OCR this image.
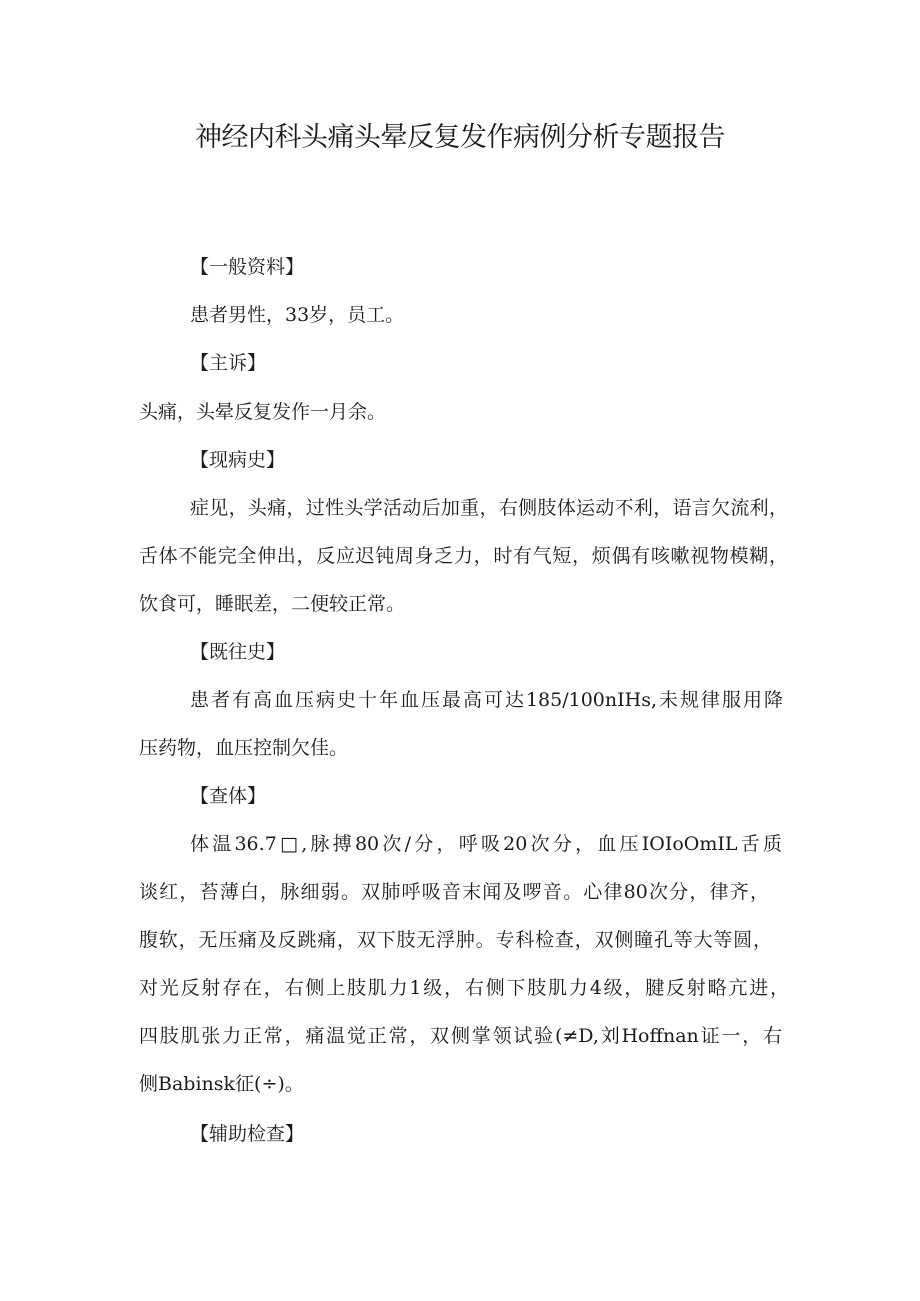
神经内科头痛头晕反复发作病例分析专题报告

【一般资料】

患者男性，33岁，员工。

【主诉】

头痛，头晕反复发作一月余。

【现病史】

症见，头痛，过性头学活动后加重，右侧肢体运动不利，语言欠流利，

舌体不能完全伸出，反应迟钝周身乏力，时有气短，烦偶有咳嗽视物模糊，

饮食可，睡眠差，二便较正常。

【既往史】

患者有高血压病史十年血压最高可达185/100nIHs,未规律服用降

压药物，血压控制欠佳。

【查体】

体温36.7□,脉搏80次/分，呼吸20次分，血压IOIoOmIL舌质

谈红，苔薄白，脉细弱。双肺呼吸音末闻及啰音。心律80次分，律齐，

腹软，无压痛及反跳痛，双下肢无浮肿。专科检查，双侧瞳孔等大等圆，

对光反射存在，右侧上肢肌力1级，右侧下肢肌力4级，腱反射略亢进，

四肢肌张力正常，痛温觉正常，双侧掌领试验(≠D,刘Hoffnan证一，右

侧Babinsk征(÷)。

【辅助检查】
